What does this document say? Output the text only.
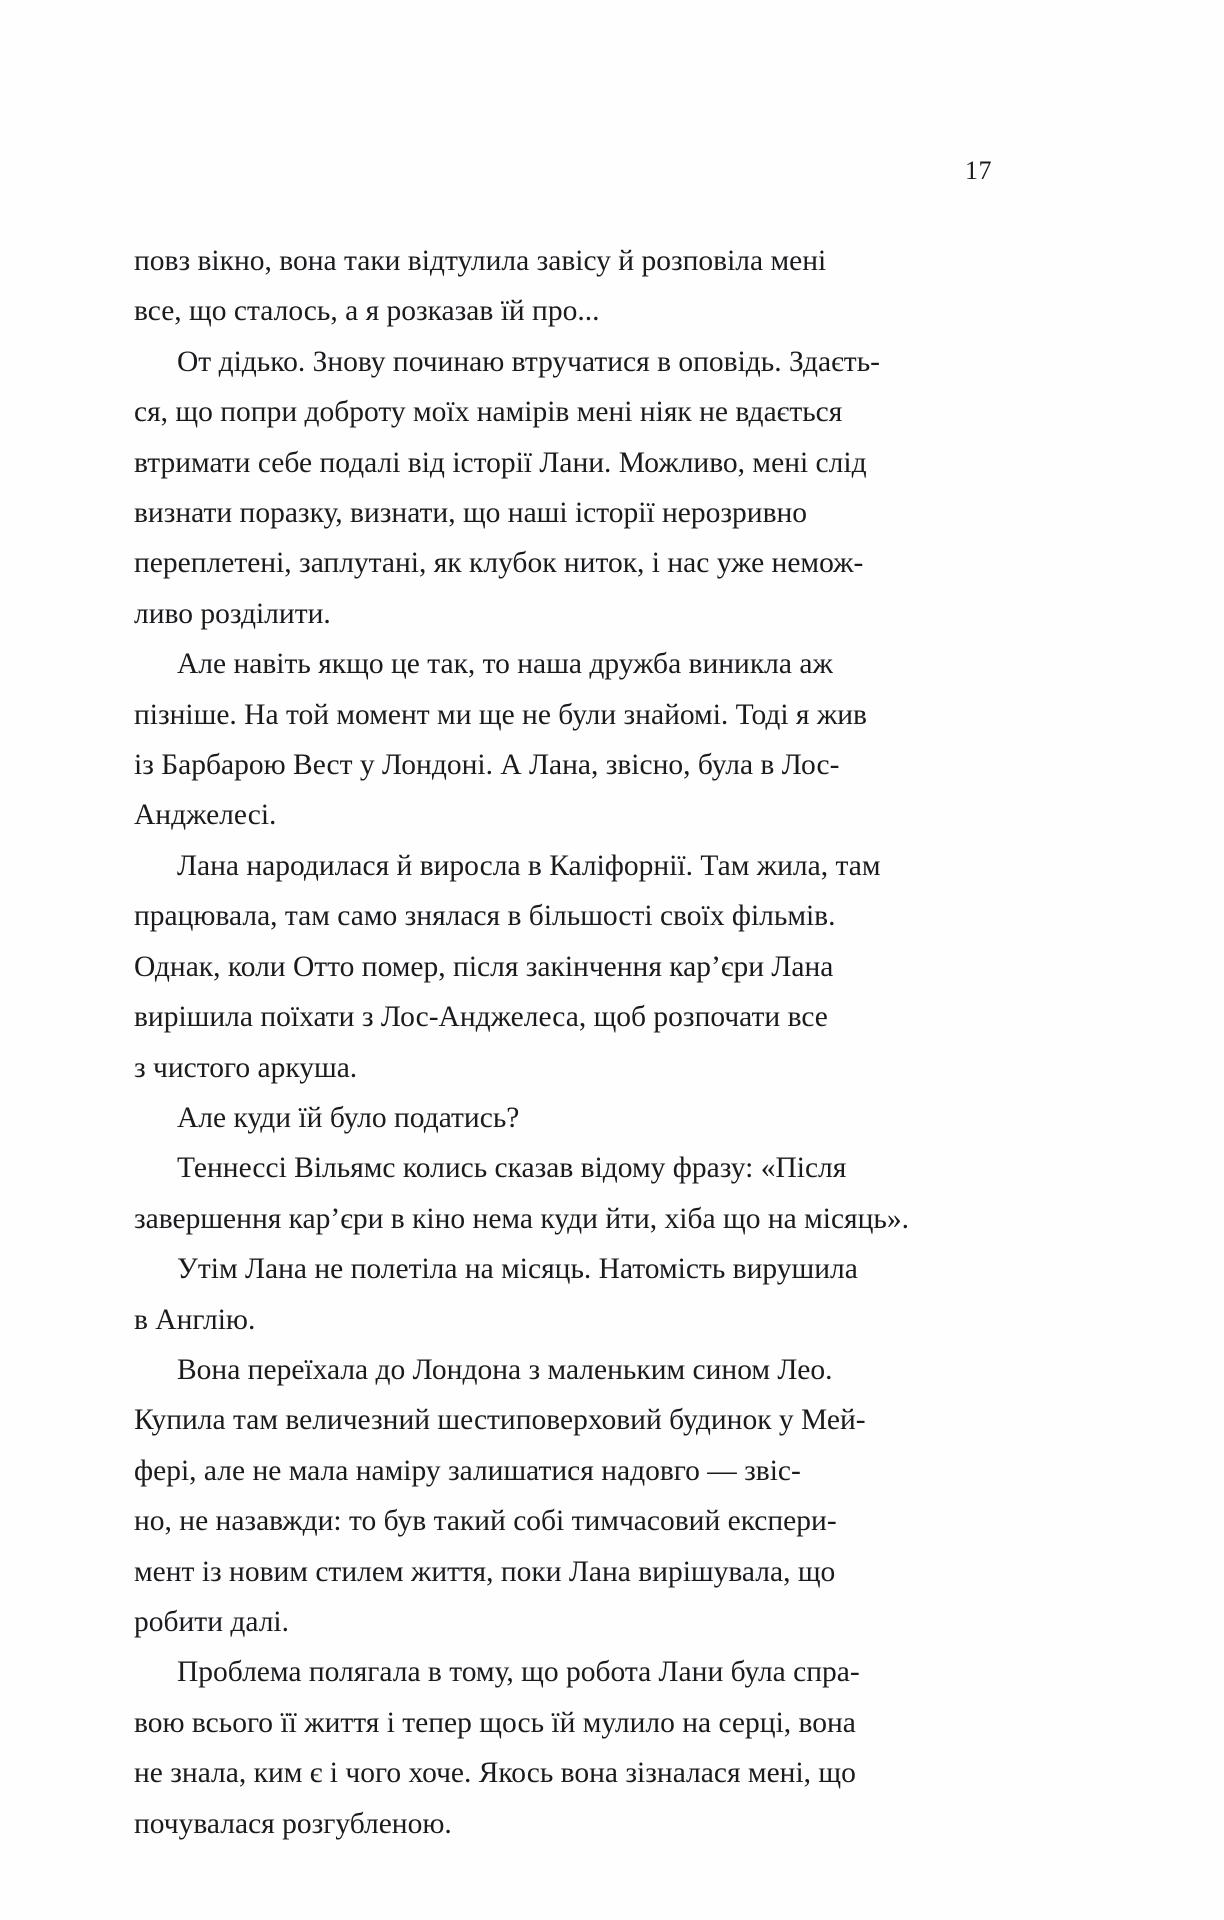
17

повз вікно, вона таки відтулила завісу й розповіла мені
все, що сталось, а я розказав їй про...

От дідько. Знову починаю втручатися в оповідь. Здаєть-
ся, що попри доброту моїх намірів мені ніяк не вдається
втримати себе подалі від історії Лани. Можливо, мені слід
визнати поразку, визнати, що наші історії нерозривно
переплетені, заплутані, як клубок ниток, і нас уже немож-
ливо розділити.

Але навіть якщо це так, то наша дружба виникла аж
пізніше. На той момент ми ще не були знайомі. Тоді я жив
із Барбарою Вест у Лондоні. А Лана, звісно, була в Лос-
Анджелесі.

Лана народилася й виросла в Каліфорнії. Там жила, там
працювала, там само знялася в більшості своїх фільмів.
Однак, коли Отто помер, після закінчення кар’єри Лана
вирішила поїхати з Лос-Анджелеса, щоб розпочати все
з чистого аркуша.

Але куди їй було податись?

Теннессі Вільямс колись сказав відому фразу: «Після
завершення кар’єри в кіно нема куди йти, хіба що на місяць».

Утім Лана не полетіла на місяць. Натомість вирушила
в Англію.

Вона переїхала до Лондона з маленьким сином Лео.
Купила там величезний шестиповерховий будинок у Мей-
фері, але не мала наміру залишатися надовго — звіс-
но, не назавжди: то був такий собі тимчасовий експери-
мент із новим стилем життя, поки Лана вирішувала, що
робити далі.

Проблема полягала в тому, що робота Лани була спра-
вою всього її життя і тепер щось їй мулило на серці, вона
не знала, ким є і чого хоче. Якось вона зізналася мені, що
почувалася розгубленою.
